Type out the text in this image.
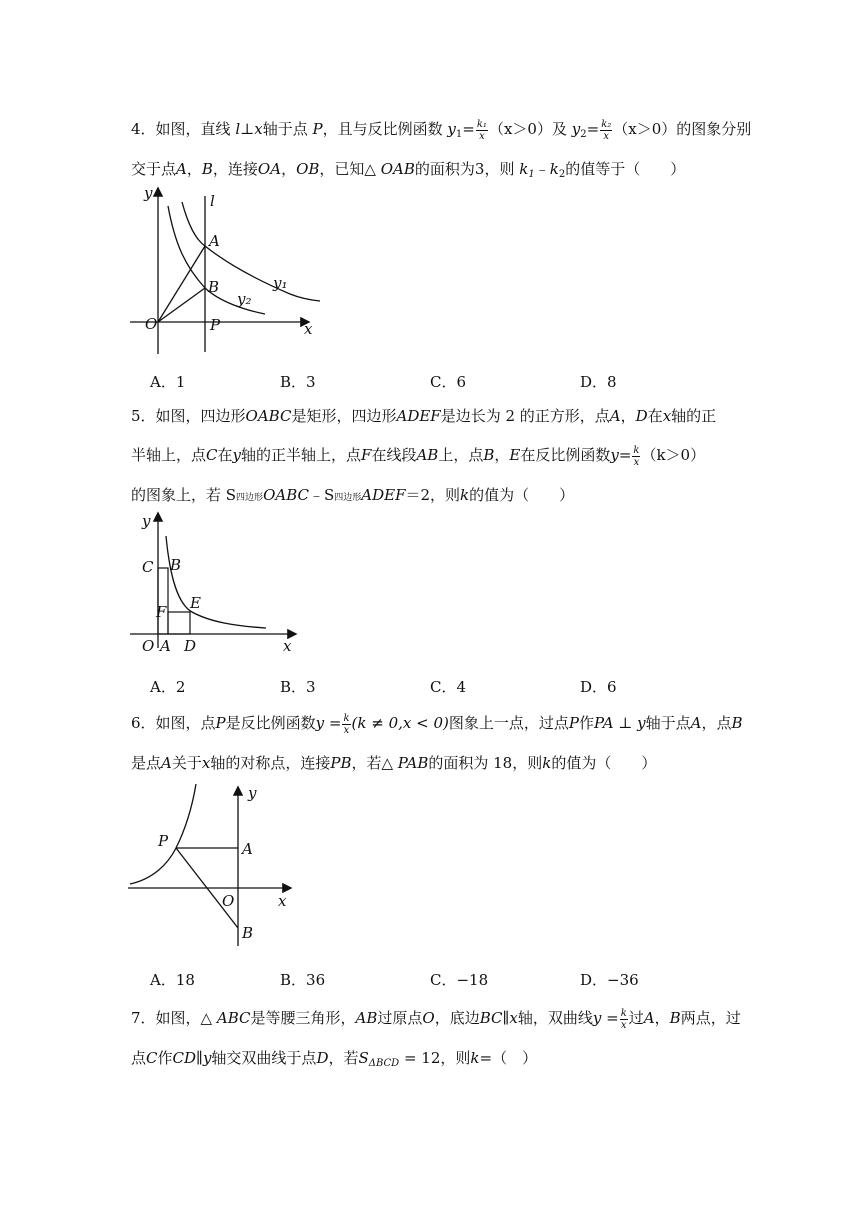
4．如图，直线 l⊥x轴于点 P，且与反比例函数 $y_1= \frac{\text{k₁}}{x} (x>0)$及 $y_2= \frac{\text{k₂}}{x} (x>0)$的图象分别
交于点A，B，连接OA，OB，已知△ OAB的面积为3，则 $k_1﹣k_2$的值等于（　　）
y	l
A
B	y₁
y₂
O	P	x
A．1	B．3	C．6	D．8
5．如图，四边形OABC是矩形，四边形ADEF是边长为 2 的正方形，点A，D在x轴的正
半轴上，点C在y轴的正半轴上，点F在线段AB上，点B，E在反比例函数$y= \frac{k}{x} (k>0)$
的图象上，若 S四边形OABC﹣S四边形ADEF＝2，则k的值为（　　）
y
C B
F E
O A D	x
A．2	B．3	C．4	D．6
6．如图，点P是反比例函数$y = \frac{k}{x} (k \ne 0,x < 0)$图象上一点，过点P作PA ⊥ y轴于点A，点B
是点A关于x轴的对称点，连接PB，若△ PAB的面积为 18，则k的值为（　　）
y
P	A
O	x
B
A．18	B．36	C．−18	D．−36
7．如图，△ ABC是等腰三角形，AB过原点O，底边BC∥x轴，双曲线$y = \frac{k}{x}$ 过A，B两点，过
点C作CD∥y轴交双曲线于点D，若$S_{\Delta BCD} = 12$，则k=（　）
